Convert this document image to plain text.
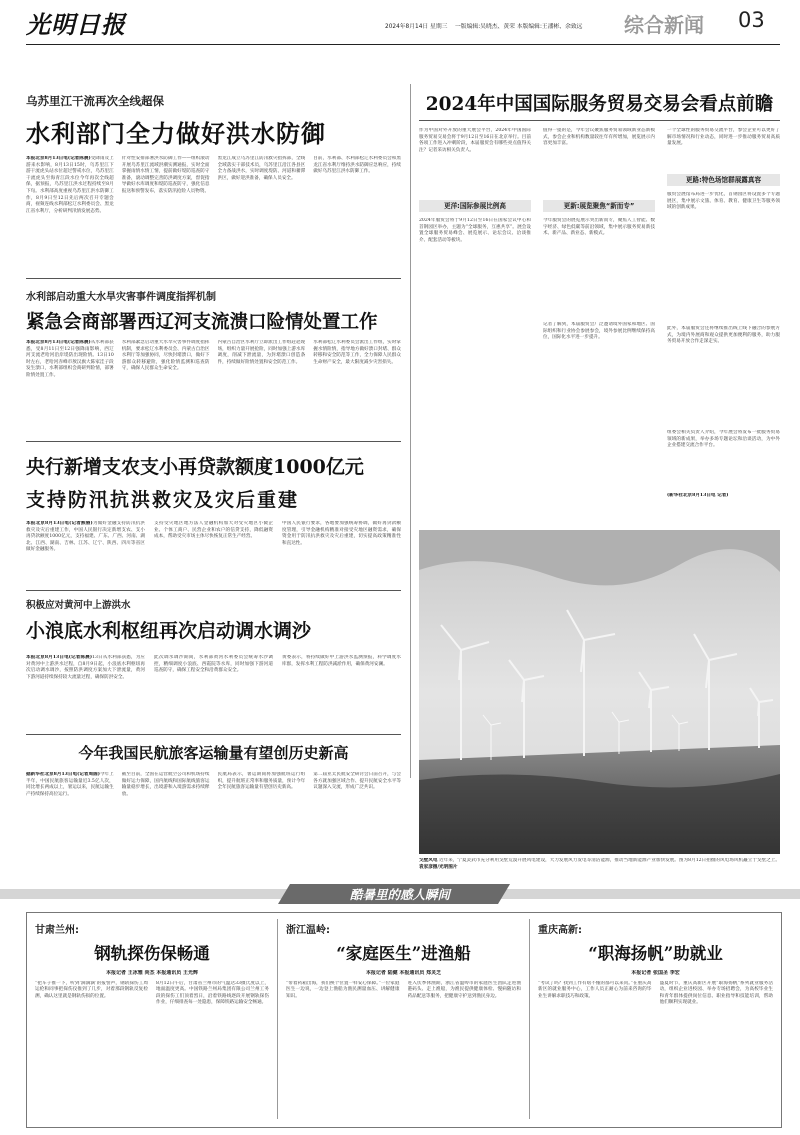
光明日报	2024年8月14日 星期三 一版编辑:吴晓杰、黄荣 本版编辑:王潘彬、余致远 综合新闻 03
乌苏里江干流再次全线超保
水利部门全力做好洪水防御

本报北京8月13日电(记者陈晨)受降雨及上游来水影响，8月13日15时，乌苏里江下游干流虎头站水位超过警戒水位，乌苏里江干流虎头至海青江段水位今年再次全线超保，据预报，乌苏里江洪水过程持续至8月下旬。水利部高度重视乌苏里江洪水防御工作，8月9日至12日先后两次召开专题会商，视频连线水利部松辽水利委员会、黑龙江省水利厅，分析研判汛情发展态势。

针对性安排部署洪水防御工作——组织滚动开展乌苏里江流域洪潮实测通报，实时全面掌握雨情水情工情，提前做好堤防巡查防守准备，滚动调整完善防洪调度方案，督促指导做好水库调度和堤防巡查防守，强化信息报送和预警发布，落实防汛抢险人员物资。

黑龙江成立乌苏里江防汛救灾指挥部，全线全域落实干部技术员，乌苏里江沿江各县区全力备战洪水，实时调度堤防、河道和蓄滞洪区，做好迎洪准备，确保人员安全。

目前，水利部、水利部松辽水利委员会和黑龙江省水利厅维持洪水防御应急响应，持续做好乌苏里江洪水防御工作。

水利部启动重大水旱灾害事件调度指挥机制
紧急会商部署西辽河支流溃口险情处置工作

本报北京8月13日电(记者陈晨)从水利部获悉，受8月11日至12日强降雨影响，西辽河支流老哈河沿岸堤防出现险情。13日10时左右，老哈河赤峰市敖汉旗大陈家洼子段发生溃口，水利部组织会商研判险情，部署险情处置工作。

水利部紧急启动重大水旱灾害事件调度指挥机制，要求松辽水利委员会、内蒙古自治区水利厅等加强协同，尽快封堵溃口，做好下游群众转移避险，强化险情监测和巡查防守，确保人民群众生命安全。

内蒙古自治区水利厅立即派出工作组赶赴现场，组织力量开展抢险，同时加强上游水库调度，削减下泄流量，为封堵溃口创造条件，持续做好险情处置和安全防范工作。

水利部松辽水利委员会派出工作组，实时掌握水情险情，指导地方做好溃口封堵、群众转移和安全防范等工作，全力保障人民群众生命财产安全，最大限度减少灾害损失。

央行新增支农支小再贷款额度1000亿元
支持防汛抗洪救灾及灾后重建

本报北京8月13日电(记者熊丽)为做好金融支持防汛抗洪救灾及灾后重建工作，中国人民银行决定新增支农、支小再贷款额度1000亿元，支持福建、广东、广西、河南、湖北、江西、湖南、吉林、江苏、辽宁、陕西、四川等省区做好金融服务。

支持受灾地区地方法人金融机构加大对受灾地区小微企业、个体工商户、民营企业和农户的信贷支持，降低融资成本，帮助受灾市场主体尽快恢复正常生产经营。

中国人民银行要求，各地要加强统筹协调，做好再贷款额度管理，引导金融机构精准对接受灾地区融资需求，确保资金用于防汛抗洪救灾及灾后重建，切实提高政策精准性和直达性。

积极应对黄河中上游洪水
小浪底水利枢纽再次启动调水调沙

本报北京8月13日电(记者陈晨)13日从水利部获悉，为应对黄河中上游洪水过程，自8月9日起，小浪底水利枢纽再次启动调水调沙，按照防洪调度方案加大下泄流量，黄河下游河道持续保持较大流量过程，确保防洪安全。

此次调水调沙期间，水利部黄河水利委员会统筹水沙调控，精细调度小浪底、西霞院等水库，同时加强下游河道巡查防守，确保工程安全和沿黄群众安全。

黄委表示，将持续做好中上游洪水监测预报，科学调度水库群，发挥水利工程防洪减淤作用，确保黄河安澜。

今年我国民航旅客运输量有望创历史新高

据新华社北京8月13日电(记者周圆)今年上半年，中国民航旅客运输量近3.5亿人次，同比增长两成以上，暑运以来，民航运输生产持续保持高位运行。

截至目前，全国在运营航空公司和机场持续做好运力保障，国内航线和国际航线旅客运输量稳步增长，出境游和入境游需求持续释放。

民航局表示，暑运期间将加强航班运行组织，提升航班正常率和服务质量，预计今年全年民航旅客运输量有望创历史新高。

第二届亚太民航安全研讨会日前召开，与会各方就加强区域合作、提升民航安全水平等议题深入交流，形成广泛共识。

2024年中国国际服务贸易交易会看点前瞻

作为中国对外开放的重大展会平台，2024年中国国际服务贸易交易会将于9月12日至16日在北京举行。目前各项工作进入冲刺阶段，本届服贸会有哪些亮点值得关注？记者采访相关负责人。

更洋:国际参展比例高

2024年服贸会将于9月12日至16日在国家会议中心和首钢园区举办，主题为“全球服务，互惠共享”。展会设置全球服务贸易峰会、展览展示、论坛会议、洽谈推介、配套活动等板块。

值得一提的是，今年会议聚焦服务贸易领域新业态新模式，参会企业和机构数量较往年有所增加，展览展示内容更加丰富。

更新:展览聚焦“新而专”

今年服贸会的展览展示突出新而专，聚焦人工智能、数字经济、绿色低碳等前沿领域，集中展示服务贸易新技术、新产品、新业态、新模式。

记者了解到，本届服贸会广泛邀请境外国家和地区、国际组织和行业协会参展参会，境外参展比例继续保持高位，国际化水平进一步提升。

一个全球性的服务贸易交流平台，参会企业可以更好了解市场情况和行业动态，同时进一步推动服务贸易高质量发展。

更路:特色场馆群展露真容

服贸会展馆布局进一步优化，首钢园区将设置多个专题展区，集中展示文旅、体育、教育、健康卫生等服务领域的创新成果。

此外，本届服贸会还将继续推出线上线下融合的参展方式，为境内外展商和观众提供更加便利的服务，助力服务贸易开放合作走深走实。

组委会相关负责人介绍，今年展会将发布一批服务贸易领域的新成果，举办多场专题论坛和洽谈活动，为中外企业搭建交流合作平台。

(新华社北京8月13日电 记者)

戈壁风电 近年来，宁夏灵武市充分利用戈壁荒漠开展风电建设，大力发展风力发电等清洁能源，推动当地新能源产业加快发展。图为8月12日拍摄的风电场风机矗立于戈壁之上。 袁家彦摄/光明图片

酷暑里的感人瞬间
甘肃兰州:
钢轨探伤保畅通
本报记者 王冰雅 尚杰 本报通讯员 王光辉

“把车子推一下，听到‘滴滴滴’的报警声，钢轨探伤工周运伦和同事把探伤仪推到了几步，对着那段钢轨反复检测，确认这里就是钢轨伤损的位置。

8月12日午后，甘肃省兰州市的气温达33摄氏度以上，地面温度更高。中国铁路兰州局集团有限公司兰州工务段的探伤工们顶着烈日，沿着铁路线逐段开展钢轨探伤作业，仔细排查每一处隐患，保障铁路运输安全畅通。

浙江温岭:
“家庭医生”进渔船
本报记者 陆健 本报通讯员 郑灵芝

“带着药箱出海，我们换个位置一样安心保障。”一位家庭医生一边说，一边登上渔船为渔民测量血压、讲解健康知识。

进入伏季休渔期，浙江省温岭市的家庭医生团队走进渔港码头、走上渔船，为渔民提供健康体检、慢病随访和药品配送等服务，把健康守护送到渔民身边。

重庆高新:
“职海扬帆”助就业
本报记者 张国圣 李宏

“考试了吗？找到工作有啥不懂的都可以来问。”在重庆高新区的就业服务中心，工作人员正耐心为前来咨询的毕业生讲解求职技巧和政策。

盛夏时节，重庆高新区开展“职海扬帆”系列就业服务活动，组织企业进校园、举办专场招聘会，为高校毕业生和青年群体提供岗位信息、职业指导和技能培训，帮助他们顺利实现就业。
